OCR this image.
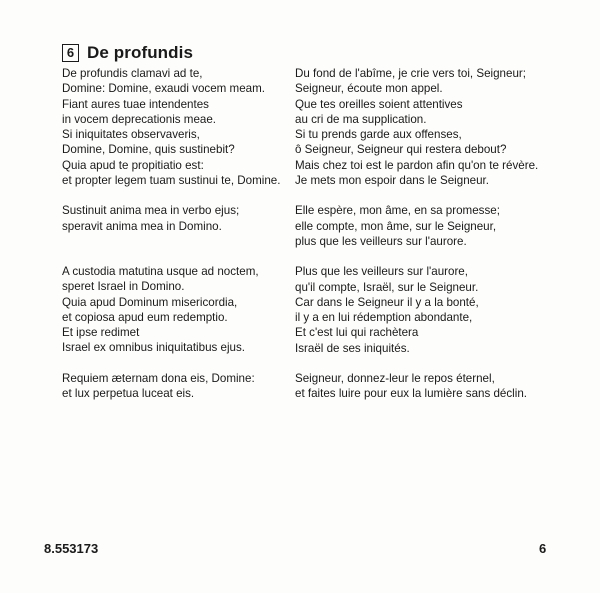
6 De profundis
De profundis clamavi ad te,
Domine: Domine, exaudi vocem meam.
Fiant aures tuae intendentes
in vocem deprecationis meae.
Si iniquitates observaveris,
Domine, Domine, quis sustinebit?
Quia apud te propitiatio est:
et propter legem tuam sustinui te, Domine.
Sustinuit anima mea in verbo ejus;
speravit anima mea in Domino.
A custodia matutina usque ad noctem,
speret Israel in Domino.
Quia apud Dominum misericordia,
et copiosa apud eum redemptio.
Et ipse redimet
Israel ex omnibus iniquitatibus ejus.
Requiem æternam dona eis, Domine:
et lux perpetua luceat eis.
Du fond de l'abîme, je crie vers toi, Seigneur;
Seigneur, écoute mon appel.
Que tes oreilles soient attentives
au cri de ma supplication.
Si tu prends garde aux offenses,
ô Seigneur, Seigneur qui restera debout?
Mais chez toi est le pardon afin qu'on te révère.
Je mets mon espoir dans le Seigneur.
Elle espère, mon âme, en sa promesse;
elle compte, mon âme, sur le Seigneur,
plus que les veilleurs sur l'aurore.
Plus que les veilleurs sur l'aurore,
qu'il compte, Israël, sur le Seigneur.
Car dans le Seigneur il y a la bonté,
il y a en lui rédemption abondante,
Et c'est lui qui rachètera
Israël de ses iniquités.
Seigneur, donnez-leur le repos éternel,
et faites luire pour eux la lumière sans déclin.
8.553173	6
